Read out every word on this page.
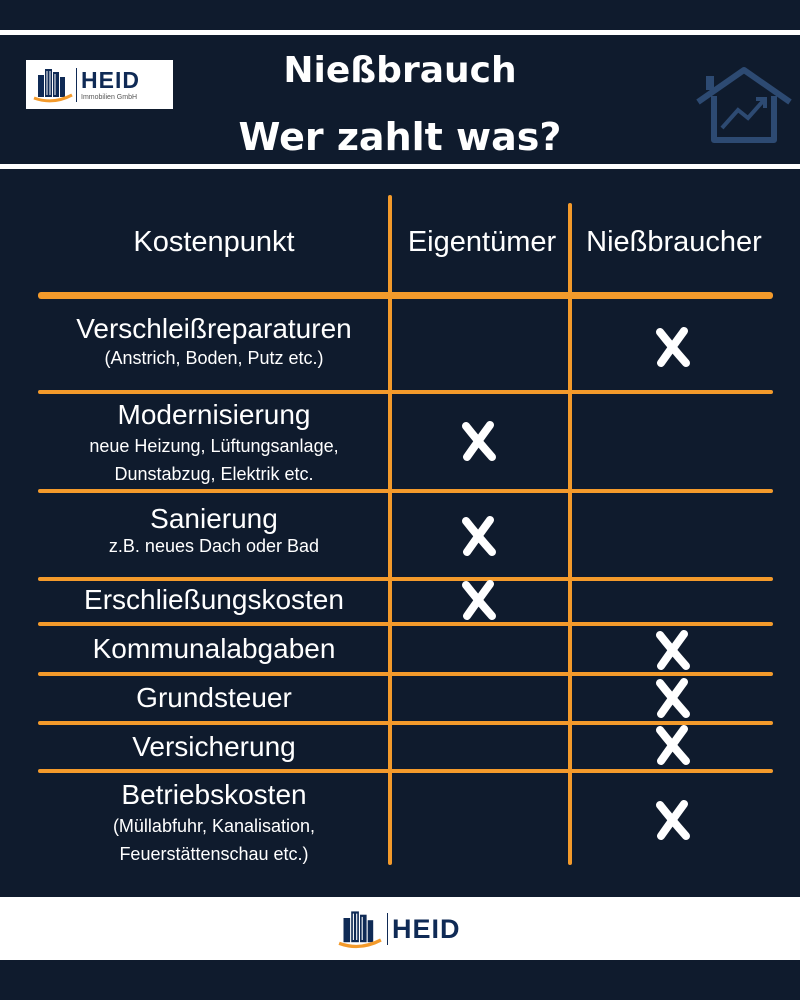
HEID
Immobilien GmbH
Nießbrauch
Wer zahlt was?
Kostenpunkt	Eigentümer	Nießbraucher
Verschleißreparaturen
(Anstrich, Boden, Putz etc.)
Modernisierung
neue Heizung, Lüftungsanlage,
Dunstabzug, Elektrik etc.
Sanierung
z.B. neues Dach oder Bad
Erschließungskosten
Kommunalabgaben
Grundsteuer
Versicherung
Betriebskosten
(Müllabfuhr, Kanalisation,
Feuerstättenschau etc.)
HEID
